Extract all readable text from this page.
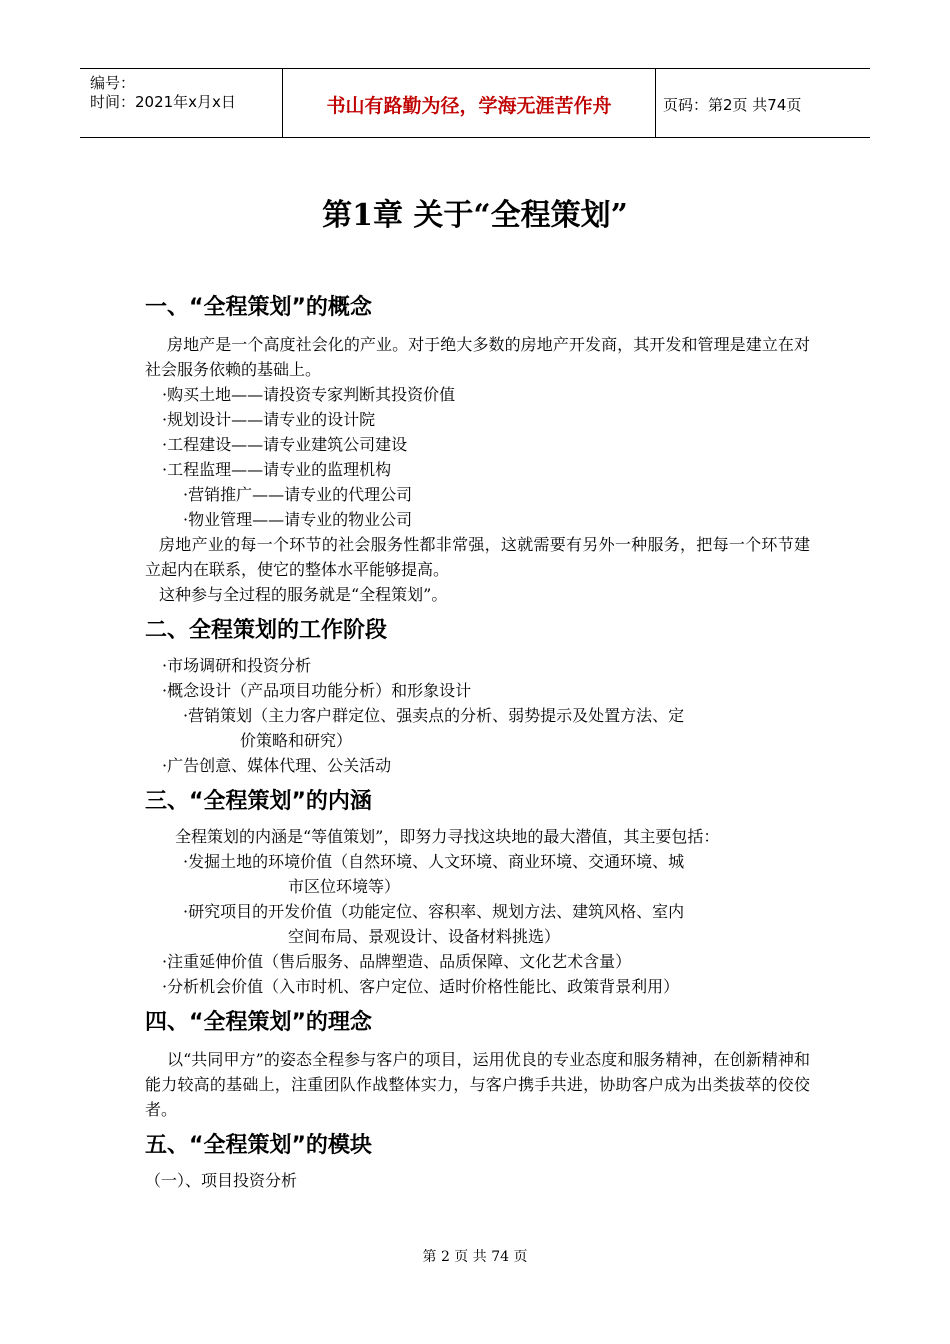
编号：
时间：2021年x月x日	书山有路勤为径，学海无涯苦作舟	页码：第2页 共74页
第1章 关于“全程策划”
一、“全程策划”的概念

房地产是一个高度社会化的产业。对于绝大多数的房地产开发商，其开发和管理是建立在对社会服务依赖的基础上。

·购买土地——请投资专家判断其投资价值

·规划设计——请专业的设计院

·工程建设——请专业建筑公司建设

·工程监理——请专业的监理机构

·营销推广——请专业的代理公司

·物业管理——请专业的物业公司

房地产业的每一个环节的社会服务性都非常强，这就需要有另外一种服务，把每一个环节建立起内在联系，使它的整体水平能够提高。

这种参与全过程的服务就是“全程策划”。

二、全程策划的工作阶段

·市场调研和投资分析

·概念设计（产品项目功能分析）和形象设计

·营销策划（主力客户群定位、强卖点的分析、弱势提示及处置方法、定

价策略和研究）

·广告创意、媒体代理、公关活动

三、“全程策划”的内涵

全程策划的内涵是“等值策划”，即努力寻找这块地的最大潜值，其主要包括：

·发掘土地的环境价值（自然环境、人文环境、商业环境、交通环境、城

市区位环境等）

·研究项目的开发价值（功能定位、容积率、规划方法、建筑风格、室内

空间布局、景观设计、设备材料挑选）

·注重延伸价值（售后服务、品牌塑造、品质保障、文化艺术含量）

·分析机会价值（入市时机、客户定位、适时价格性能比、政策背景利用）

四、“全程策划”的理念

以“共同甲方”的姿态全程参与客户的项目，运用优良的专业态度和服务精神，在创新精神和能力较高的基础上，注重团队作战整体实力，与客户携手共进，协助客户成为出类拔萃的佼佼者。

五、“全程策划”的模块

（一）、项目投资分析

第 2 页 共 74 页
